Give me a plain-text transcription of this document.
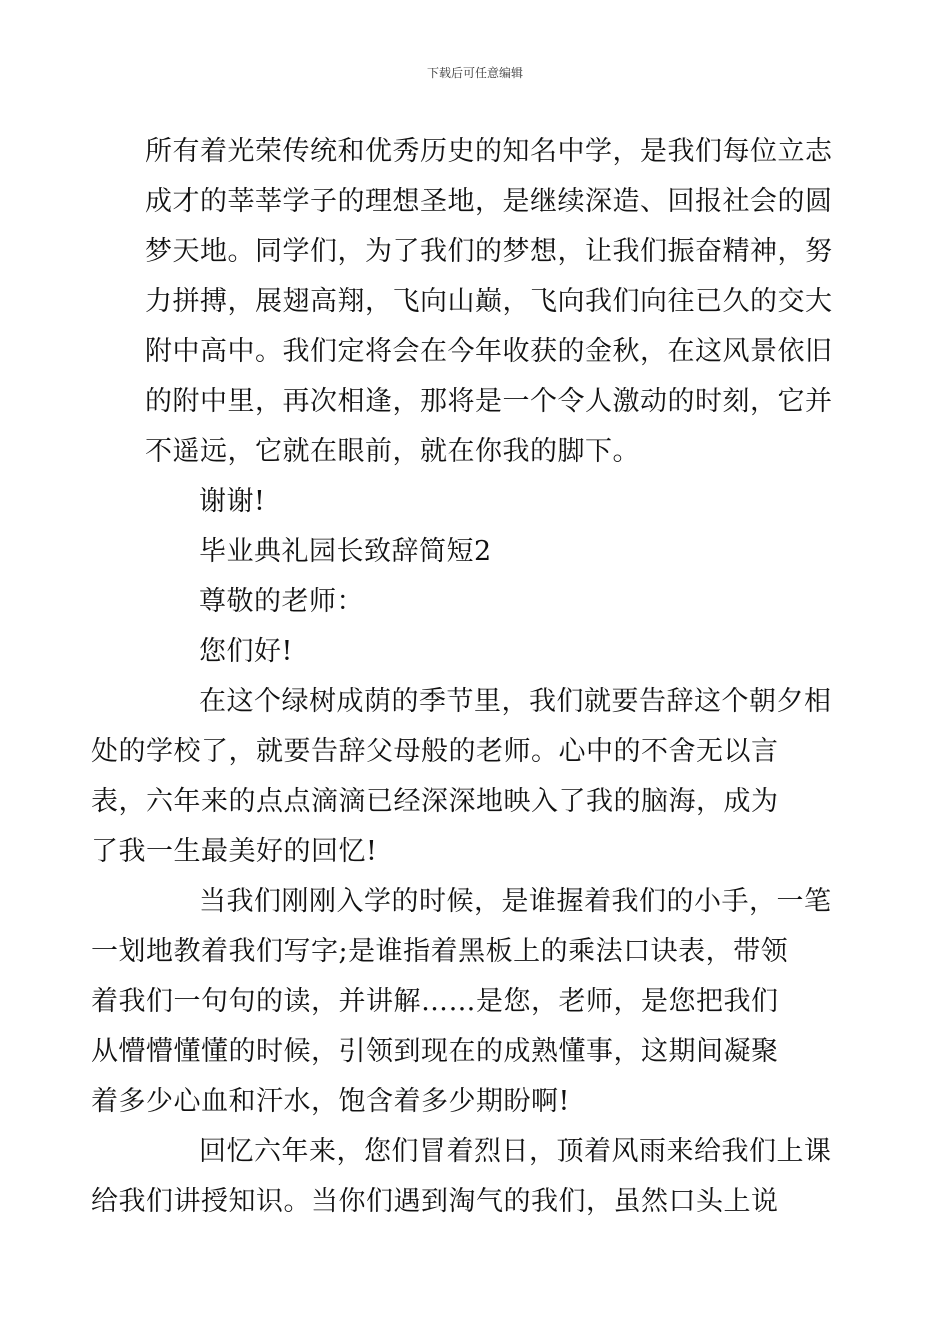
下载后可任意编辑

所有着光荣传统和优秀历史的知名中学，是我们每位立志
成才的莘莘学子的理想圣地，是继续深造、回报社会的圆
梦天地。同学们，为了我们的梦想，让我们振奋精神，努
力拼搏，展翅高翔，飞向山巅，飞向我们向往已久的交大
附中高中。我们定将会在今年收获的金秋，在这风景依旧
的附中里，再次相逢，那将是一个令人激动的时刻，它并
不遥远，它就在眼前，就在你我的脚下。

谢谢!

毕业典礼园长致辞简短2

尊敬的老师：

您们好!

在这个绿树成荫的季节里，我们就要告辞这个朝夕相
处的学校了，就要告辞父母般的老师。心中的不舍无以言
表，六年来的点点滴滴已经深深地映入了我的脑海，成为
了我一生最美好的回忆!

当我们刚刚入学的时候，是谁握着我们的小手，一笔
一划地教着我们写字;是谁指着黑板上的乘法口诀表，带领
着我们一句句的读，并讲解……是您，老师，是您把我们
从懵懵懂懂的时候，引领到现在的成熟懂事，这期间凝聚
着多少心血和汗水，饱含着多少期盼啊!

回忆六年来，您们冒着烈日，顶着风雨来给我们上课
给我们讲授知识。当你们遇到淘气的我们，虽然口头上说
